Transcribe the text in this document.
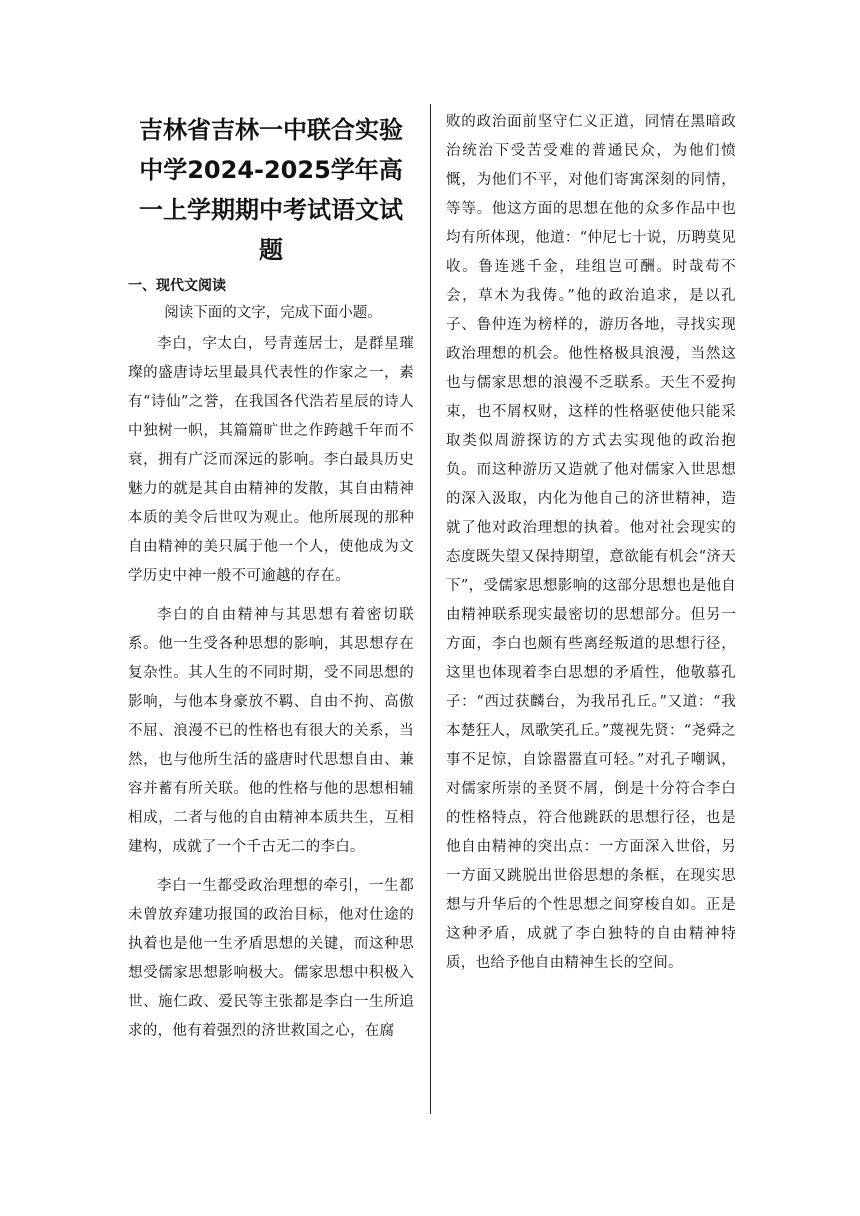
吉林省吉林一中联合实验中学2024-2025学年高一上学期期中考试语文试题
一、现代文阅读
阅读下面的文字，完成下面小题。

李白，字太白，号青莲居士，是群星璀璨的盛唐诗坛里最具代表性的作家之一，素有“诗仙”之誉，在我国各代浩若星辰的诗人中独树一帜，其篇篇旷世之作跨越千年而不衰，拥有广泛而深远的影响。李白最具历史魅力的就是其自由精神的发散，其自由精神本质的美令后世叹为观止。他所展现的那种自由精神的美只属于他一个人，使他成为文学历史中神一般不可逾越的存在。

李白的自由精神与其思想有着密切联系。他一生受各种思想的影响，其思想存在复杂性。其人生的不同时期，受不同思想的影响，与他本身豪放不羁、自由不拘、高傲不屈、浪漫不已的性格也有很大的关系，当然，也与他所生活的盛唐时代思想自由、兼容并蓄有所关联。他的性格与他的思想相辅相成，二者与他的自由精神本质共生，互相建构，成就了一个千古无二的李白。

李白一生都受政治理想的牵引，一生都未曾放弃建功报国的政治目标，他对仕途的执着也是他一生矛盾思想的关键，而这种思想受儒家思想影响极大。儒家思想中积极入世、施仁政、爱民等主张都是李白一生所追求的，他有着强烈的济世救国之心，在腐

败的政治面前坚守仁义正道，同情在黑暗政治统治下受苦受难的普通民众，为他们愤慨，为他们不平，对他们寄寓深刻的同情，等等。他这方面的思想在他的众多作品中也均有所体现，他道：“仲尼七十说，历聘莫见收。鲁连逃千金，珪组岂可酬。时哉苟不会，草木为我俦。”他的政治追求，是以孔子、鲁仲连为榜样的，游历各地，寻找实现政治理想的机会。他性格极具浪漫，当然这也与儒家思想的浪漫不乏联系。天生不爱拘束，也不屑权财，这样的性格驱使他只能采取类似周游探访的方式去实现他的政治抱负。而这种游历又造就了他对儒家入世思想的深入汲取，内化为他自己的济世精神，造就了他对政治理想的执着。他对社会现实的态度既失望又保持期望，意欲能有机会“济天下”，受儒家思想影响的这部分思想也是他自由精神联系现实最密切的思想部分。但另一方面，李白也颇有些离经叛道的思想行径，这里也体现着李白思想的矛盾性，他敬慕孔子：“西过获麟台，为我吊孔丘。”又道：“我本楚狂人，凤歌笑孔丘。”蔑视先贤：“尧舜之事不足惊，自馀嚣嚣直可轻。”对孔子嘲讽，对儒家所崇的圣贤不屑，倒是十分符合李白的性格特点，符合他跳跃的思想行径，也是他自由精神的突出点：一方面深入世俗，另一方面又跳脱出世俗思想的条框，在现实思想与升华后的个性思想之间穿梭自如。正是这种矛盾，成就了李白独特的自由精神特质，也给予他自由精神生长的空间。
